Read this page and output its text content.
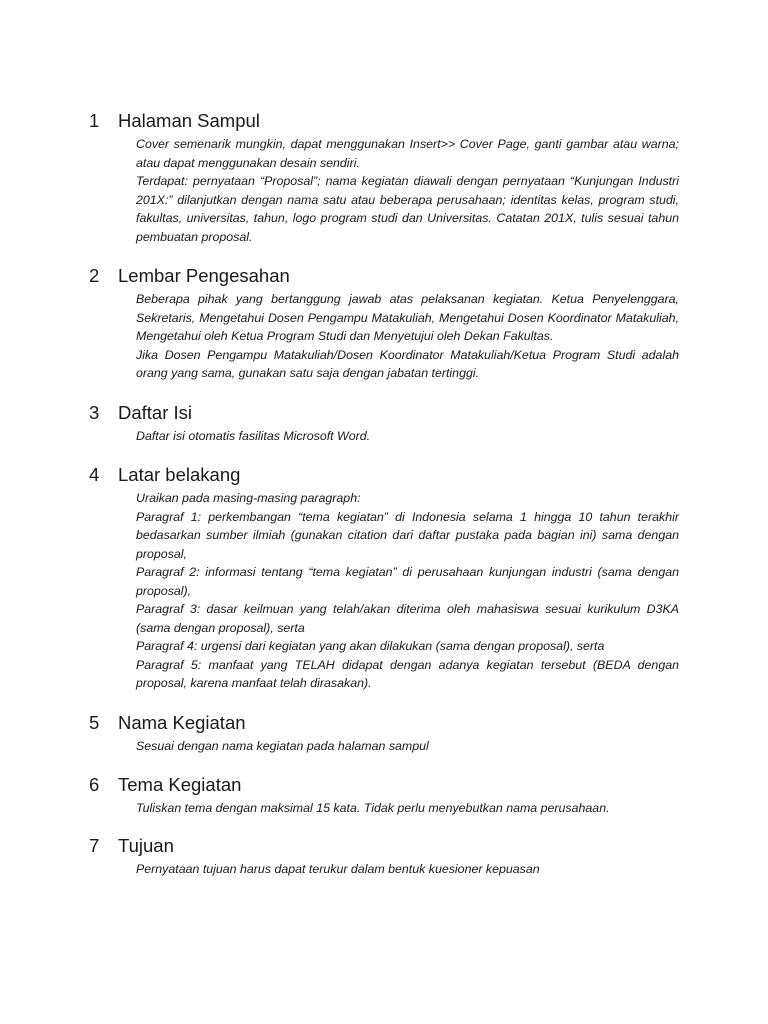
1 Halaman Sampul

Cover semenarik mungkin, dapat menggunakan Insert>> Cover Page, ganti gambar atau warna; atau dapat menggunakan desain sendiri.

Terdapat: pernyataan “Proposal”; nama kegiatan diawali dengan pernyataan “Kunjungan Industri 201X:” dilanjutkan dengan nama satu atau beberapa perusahaan; identitas kelas, program studi, fakultas, universitas, tahun, logo program studi dan Universitas. Catatan 201X, tulis sesuai tahun pembuatan proposal.

2 Lembar Pengesahan

Beberapa pihak yang bertanggung jawab atas pelaksanan kegiatan. Ketua Penyelenggara, Sekretaris, Mengetahui Dosen Pengampu Matakuliah, Mengetahui Dosen Koordinator Matakuliah, Mengetahui oleh Ketua Program Studi dan Menyetujui oleh Dekan Fakultas.

Jika Dosen Pengampu Matakuliah/Dosen Koordinator Matakuliah/Ketua Program Studi adalah orang yang sama, gunakan satu saja dengan jabatan tertinggi.

3 Daftar Isi

Daftar isi otomatis fasilitas Microsoft Word.

4 Latar belakang

Uraikan pada masing-masing paragraph:

Paragraf 1: perkembangan “tema kegiatan” di Indonesia selama 1 hingga 10 tahun terakhir bedasarkan sumber ilmiah (gunakan citation dari daftar pustaka pada bagian ini) sama dengan proposal,

Paragraf 2: informasi tentang “tema kegiatan” di perusahaan kunjungan industri (sama dengan proposal),

Paragraf 3: dasar keilmuan yang telah/akan diterima oleh mahasiswa sesuai kurikulum D3KA (sama dengan proposal), serta

Paragraf 4: urgensi dari kegiatan yang akan dilakukan (sama dengan proposal), serta

Paragraf 5: manfaat yang TELAH didapat dengan adanya kegiatan tersebut (BEDA dengan proposal, karena manfaat telah dirasakan).

5 Nama Kegiatan

Sesuai dengan nama kegiatan pada halaman sampul

6 Tema Kegiatan

Tuliskan tema dengan maksimal 15 kata. Tidak perlu menyebutkan nama perusahaan.

7 Tujuan

Pernyataan tujuan harus dapat terukur dalam bentuk kuesioner kepuasan
